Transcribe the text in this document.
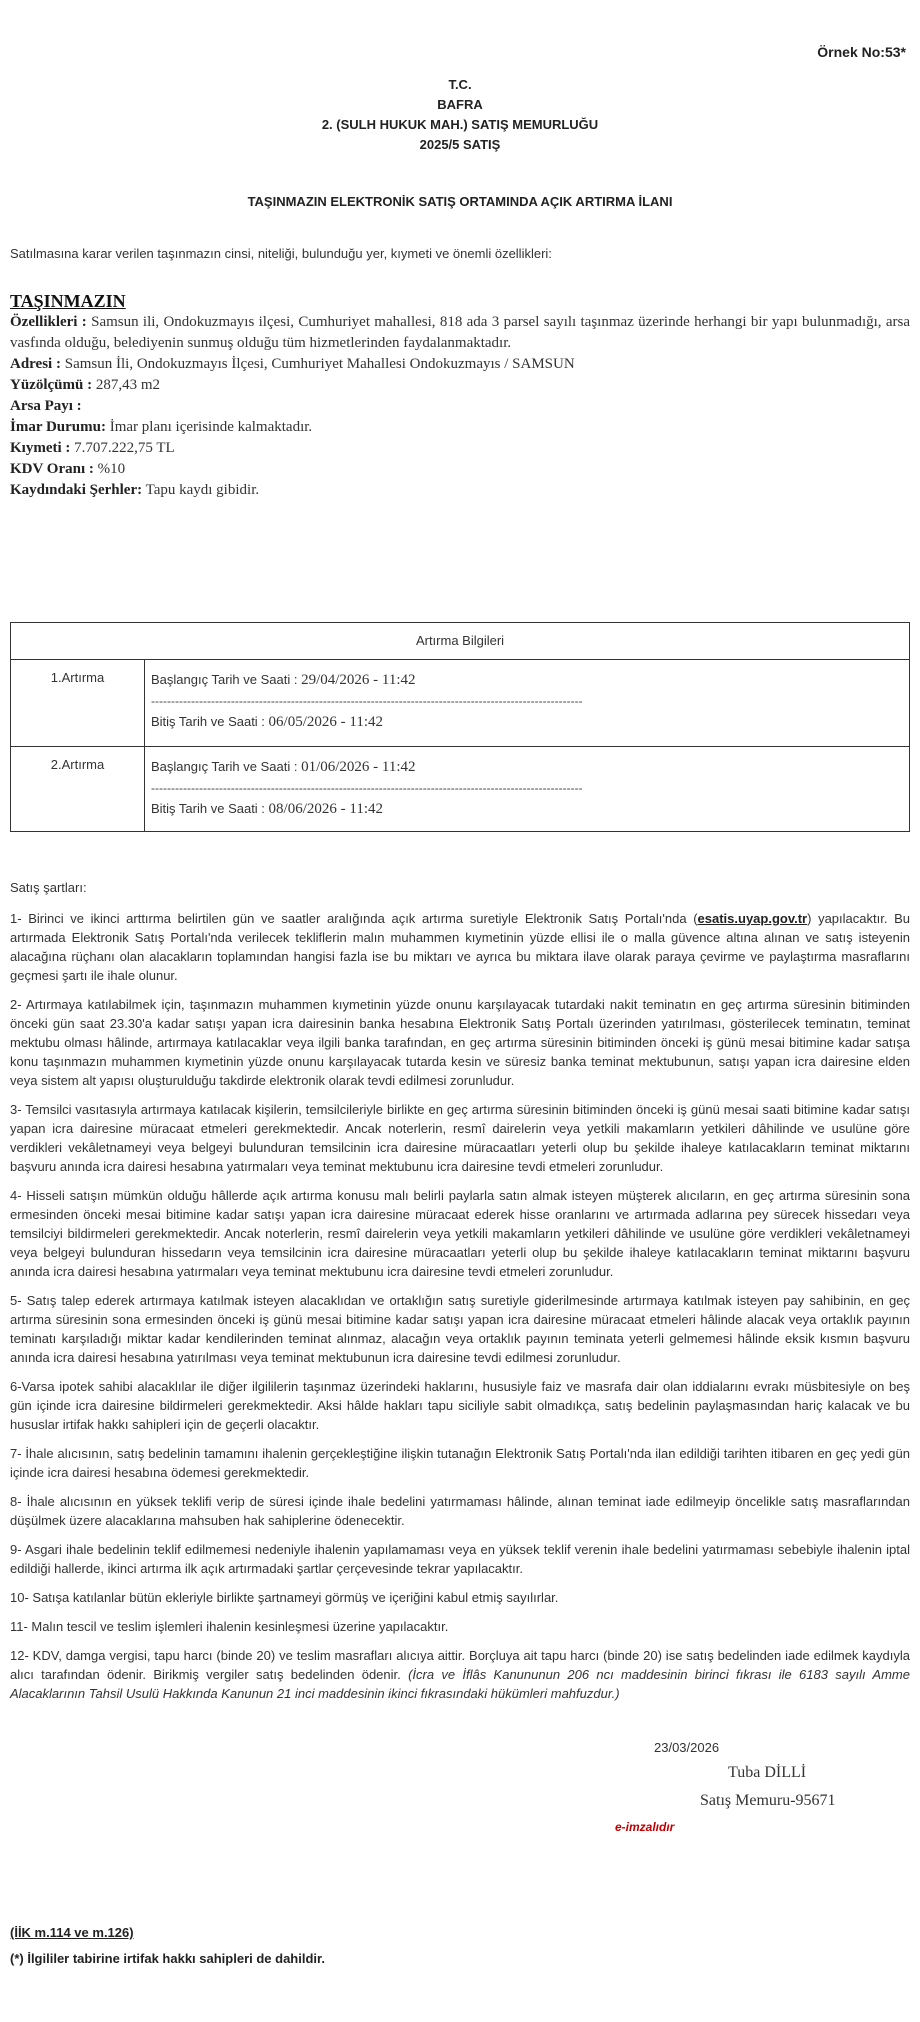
Örnek No:53*
T.C.
BAFRA
2. (SULH HUKUK MAH.) SATIŞ MEMURLUĞU
2025/5 SATIŞ
TAŞINMAZIN ELEKTRONİK SATIŞ ORTAMINDA AÇIK ARTIRMA İLANI
Satılmasına karar verilen taşınmazın cinsi, niteliği, bulunduğu yer, kıymeti ve önemli özellikleri:
TAŞINMAZIN
Özellikleri : Samsun ili, Ondokuzmayıs ilçesi, Cumhuriyet mahallesi, 818 ada 3 parsel sayılı taşınmaz üzerinde herhangi bir yapı bulunmadığı, arsa vasfında olduğu, belediyenin sunmuş olduğu tüm hizmetlerinden faydalanmaktadır.
Adresi : Samsun İli, Ondokuzmayıs İlçesi, Cumhuriyet Mahallesi Ondokuzmayıs / SAMSUN
Yüzölçümü : 287,43 m2
Arsa Payı :
İmar Durumu: İmar planı içerisinde kalmaktadır.
Kıymeti : 7.707.222,75 TL
KDV Oranı : %10
Kaydındaki Şerhler: Tapu kaydı gibidir.
Artırma Bilgileri
1.Artırma	Başlangıç Tarih ve Saati : 29/04/2026 - 11:42
------------------------------------------------------------------------------------------------------------
Bitiş Tarih ve Saati : 06/05/2026 - 11:42
2.Artırma	Başlangıç Tarih ve Saati : 01/06/2026 - 11:42
------------------------------------------------------------------------------------------------------------
Bitiş Tarih ve Saati : 08/06/2026 - 11:42
Satış şartları:

1- Birinci ve ikinci arttırma belirtilen gün ve saatler aralığında açık artırma suretiyle Elektronik Satış Portalı'nda (esatis.uyap.gov.tr) yapılacaktır. Bu artırmada Elektronik Satış Portalı'nda verilecek tekliflerin malın muhammen kıymetinin yüzde ellisi ile o malla güvence altına alınan ve satış isteyenin alacağına rüçhanı olan alacakların toplamından hangisi fazla ise bu miktarı ve ayrıca bu miktara ilave olarak paraya çevirme ve paylaştırma masraflarını geçmesi şartı ile ihale olunur.

2- Artırmaya katılabilmek için, taşınmazın muhammen kıymetinin yüzde onunu karşılayacak tutardaki nakit teminatın en geç artırma süresinin bitiminden önceki gün saat 23.30'a kadar satışı yapan icra dairesinin banka hesabına Elektronik Satış Portalı üzerinden yatırılması, gösterilecek teminatın, teminat mektubu olması hâlinde, artırmaya katılacaklar veya ilgili banka tarafından, en geç artırma süresinin bitiminden önceki iş günü mesai bitimine kadar satışa konu taşınmazın muhammen kıymetinin yüzde onunu karşılayacak tutarda kesin ve süresiz banka teminat mektubunun, satışı yapan icra dairesine elden veya sistem alt yapısı oluşturulduğu takdirde elektronik olarak tevdi edilmesi zorunludur.

3- Temsilci vasıtasıyla artırmaya katılacak kişilerin, temsilcileriyle birlikte en geç artırma süresinin bitiminden önceki iş günü mesai saati bitimine kadar satışı yapan icra dairesine müracaat etmeleri gerekmektedir. Ancak noterlerin, resmî dairelerin veya yetkili makamların yetkileri dâhilinde ve usulüne göre verdikleri vekâletnameyi veya belgeyi bulunduran temsilcinin icra dairesine müracaatları yeterli olup bu şekilde ihaleye katılacakların teminat miktarını başvuru anında icra dairesi hesabına yatırmaları veya teminat mektubunu icra dairesine tevdi etmeleri zorunludur.

4- Hisseli satışın mümkün olduğu hâllerde açık artırma konusu malı belirli paylarla satın almak isteyen müşterek alıcıların, en geç artırma süresinin sona ermesinden önceki mesai bitimine kadar satışı yapan icra dairesine müracaat ederek hisse oranlarını ve artırmada adlarına pey sürecek hissedarı veya temsilciyi bildirmeleri gerekmektedir. Ancak noterlerin, resmî dairelerin veya yetkili makamların yetkileri dâhilinde ve usulüne göre verdikleri vekâletnameyi veya belgeyi bulunduran hissedarın veya temsilcinin icra dairesine müracaatları yeterli olup bu şekilde ihaleye katılacakların teminat miktarını başvuru anında icra dairesi hesabına yatırmaları veya teminat mektubunu icra dairesine tevdi etmeleri zorunludur.

5- Satış talep ederek artırmaya katılmak isteyen alacaklıdan ve ortaklığın satış suretiyle giderilmesinde artırmaya katılmak isteyen pay sahibinin, en geç artırma süresinin sona ermesinden önceki iş günü mesai bitimine kadar satışı yapan icra dairesine müracaat etmeleri hâlinde alacak veya ortaklık payının teminatı karşıladığı miktar kadar kendilerinden teminat alınmaz, alacağın veya ortaklık payının teminata yeterli gelmemesi hâlinde eksik kısmın başvuru anında icra dairesi hesabına yatırılması veya teminat mektubunun icra dairesine tevdi edilmesi zorunludur.

6-Varsa ipotek sahibi alacaklılar ile diğer ilgililerin taşınmaz üzerindeki haklarını, hususiyle faiz ve masrafa dair olan iddialarını evrakı müsbitesiyle on beş gün içinde icra dairesine bildirmeleri gerekmektedir. Aksi hâlde hakları tapu siciliyle sabit olmadıkça, satış bedelinin paylaşmasından hariç kalacak ve bu hususlar irtifak hakkı sahipleri için de geçerli olacaktır.

7- İhale alıcısının, satış bedelinin tamamını ihalenin gerçekleştiğine ilişkin tutanağın Elektronik Satış Portalı'nda ilan edildiği tarihten itibaren en geç yedi gün içinde icra dairesi hesabına ödemesi gerekmektedir.

8- İhale alıcısının en yüksek teklifi verip de süresi içinde ihale bedelini yatırmaması hâlinde, alınan teminat iade edilmeyip öncelikle satış masraflarından düşülmek üzere alacaklarına mahsuben hak sahiplerine ödenecektir.

9- Asgari ihale bedelinin teklif edilmemesi nedeniyle ihalenin yapılamaması veya en yüksek teklif verenin ihale bedelini yatırmaması sebebiyle ihalenin iptal edildiği hallerde, ikinci artırma ilk açık artırmadaki şartlar çerçevesinde tekrar yapılacaktır.

10- Satışa katılanlar bütün ekleriyle birlikte şartnameyi görmüş ve içeriğini kabul etmiş sayılırlar.

11- Malın tescil ve teslim işlemleri ihalenin kesinleşmesi üzerine yapılacaktır.

12- KDV, damga vergisi, tapu harcı (binde 20) ve teslim masrafları alıcıya aittir. Borçluya ait tapu harcı (binde 20) ise satış bedelinden iade edilmek kaydıyla alıcı tarafından ödenir. Birikmiş vergiler satış bedelinden ödenir. (İcra ve İflâs Kanununun 206 ncı maddesinin birinci fıkrası ile 6183 sayılı Amme Alacaklarının Tahsil Usulü Hakkında Kanunun 21 inci maddesinin ikinci fıkrasındaki hükümleri mahfuzdur.)

23/03/2026
Tuba DİLLİ
Satış Memuru-95671
e-imzalıdır
(İİK m.114 ve m.126)
(*) İlgililer tabirine irtifak hakkı sahipleri de dahildir.
